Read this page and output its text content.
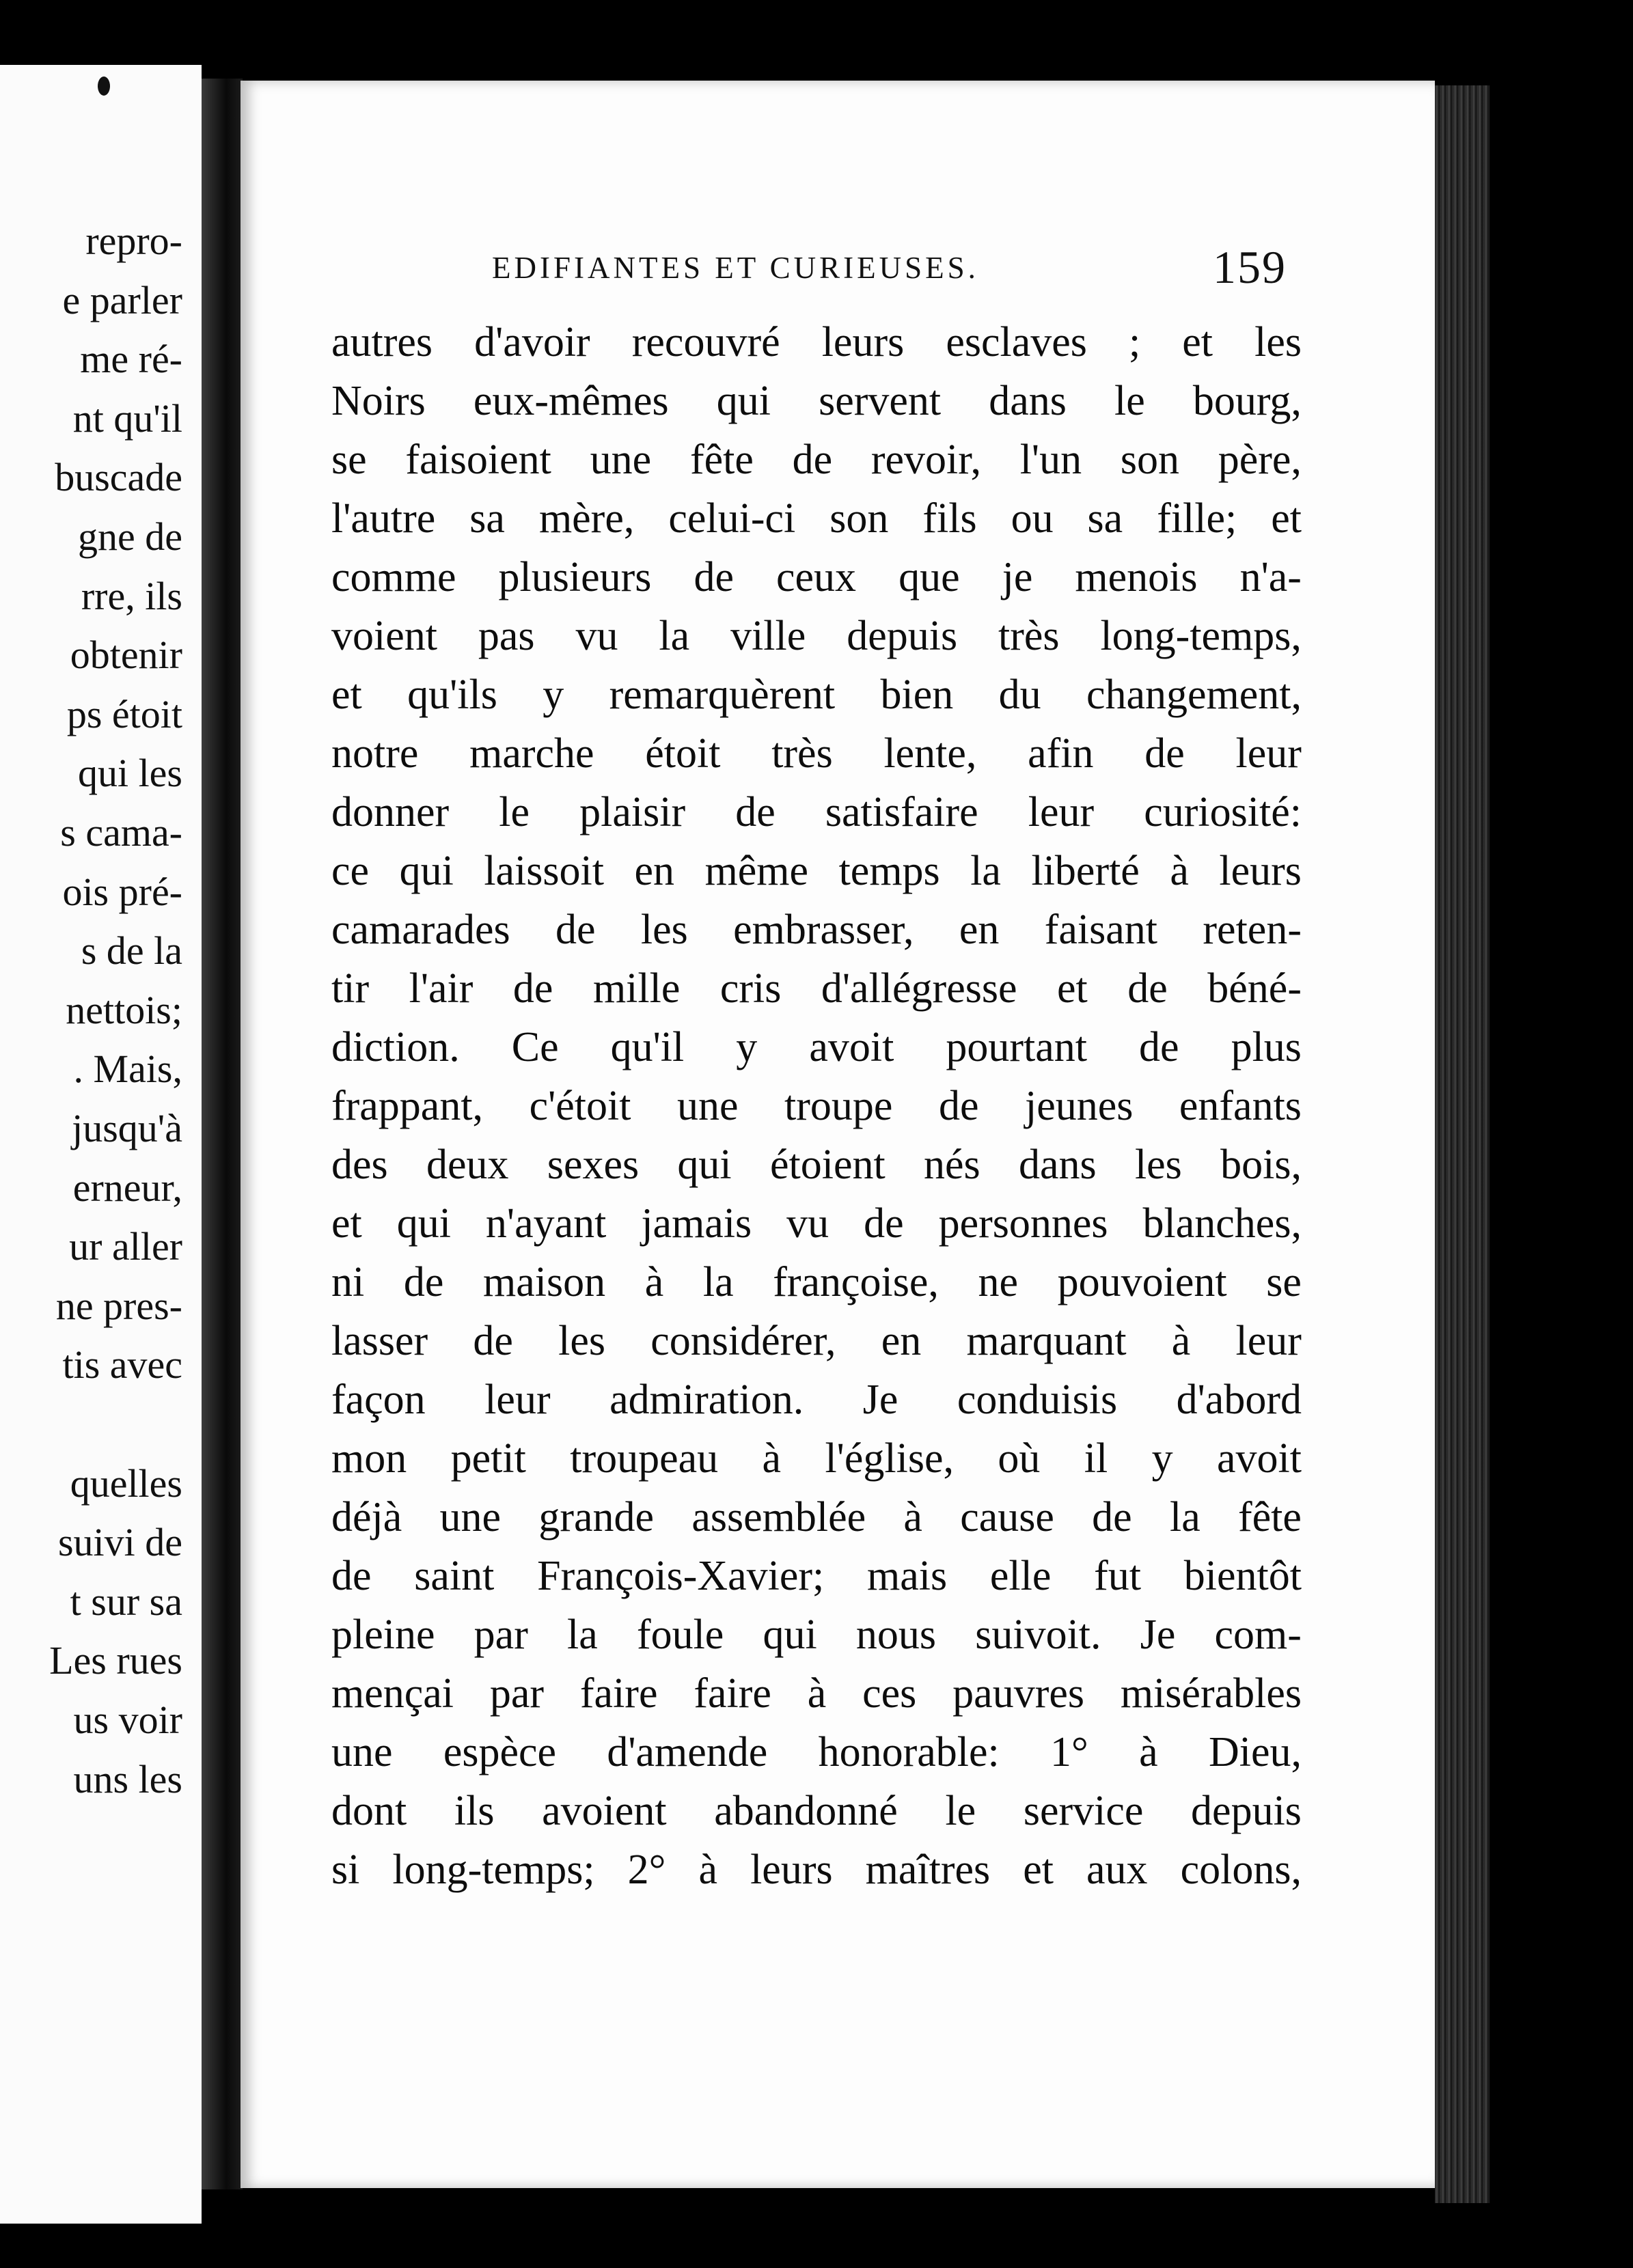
repro-
e parler
me ré-
nt qu'il
buscade
gne de
rre, ils
obtenir
ps étoit
qui les
s cama-
ois pré-
s de la
nettois;
. Mais,
jusqu'à
erneur,
ur aller
ne pres-
tis avec
quelles
suivi de
t sur sa
Les rues
us voir
uns les
EDIFIANTES ET CURIEUSES.	159
autres d'avoir recouvré leurs esclaves ; et les
Noirs eux-mêmes qui servent dans le bourg,
se faisoient une fête de revoir, l'un son père,
l'autre sa mère, celui-ci son fils ou sa fille; et
comme plusieurs de ceux que je menois n'a-
voient pas vu la ville depuis très long-temps,
et qu'ils y remarquèrent bien du changement,
notre marche étoit très lente, afin de leur
donner le plaisir de satisfaire leur curiosité:
ce qui laissoit en même temps la liberté à leurs
camarades de les embrasser, en faisant reten-
tir l'air de mille cris d'allégresse et de béné-
diction. Ce qu'il y avoit pourtant de plus
frappant, c'étoit une troupe de jeunes enfants
des deux sexes qui étoient nés dans les bois,
et qui n'ayant jamais vu de personnes blanches,
ni de maison à la françoise, ne pouvoient se
lasser de les considérer, en marquant à leur
façon leur admiration. Je conduisis d'abord
mon petit troupeau à l'église, où il y avoit
déjà une grande assemblée à cause de la fête
de saint François-Xavier; mais elle fut bientôt
pleine par la foule qui nous suivoit. Je com-
mençai par faire faire à ces pauvres misérables
une espèce d'amende honorable: 1° à Dieu,
dont ils avoient abandonné le service depuis
si long-temps; 2° à leurs maîtres et aux colons,
